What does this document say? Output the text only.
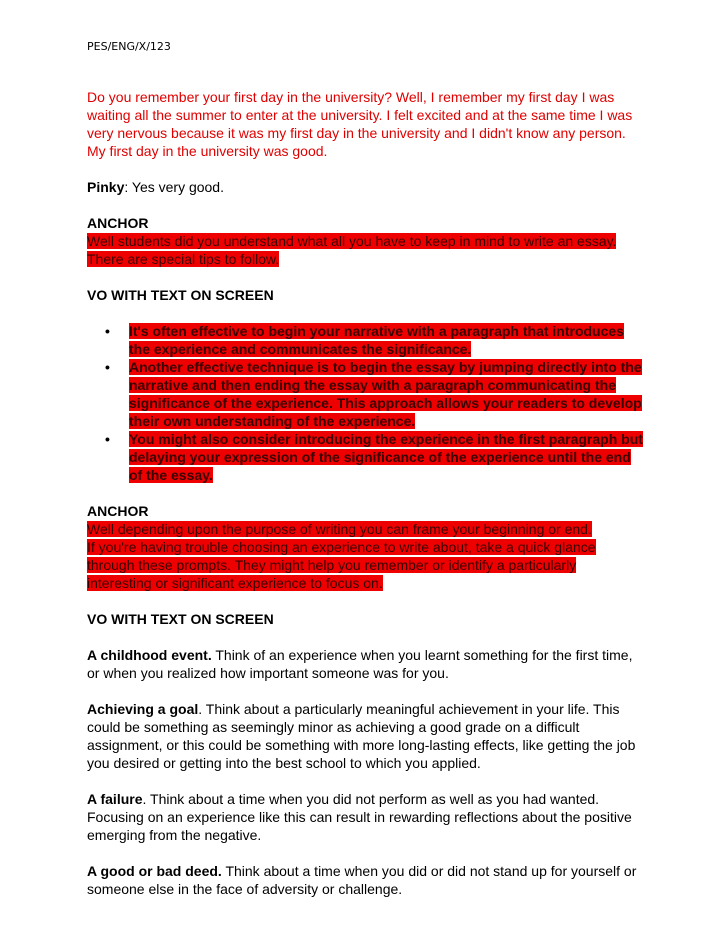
PES/ENG/X/123

Do you remember your first day in the university? Well, I remember my first day I was waiting all the summer to enter at the university. I felt excited and at the same time I was very nervous because it was my first day in the university and I didn't know any person. My first day in the university was good.

Pinky: Yes very good.

ANCHOR

Well students did you understand what all you have to keep in mind to write an essay. There are special tips to follow.

VO WITH TEXT ON SCREEN

• It's often effective to begin your narrative with a paragraph that introduces the experience and communicates the significance.
• Another effective technique is to begin the essay by jumping directly into the narrative and then ending the essay with a paragraph communicating the significance of the experience. This approach allows your readers to develop their own understanding of the experience.
• You might also consider introducing the experience in the first paragraph but delaying your expression of the significance of the experience until the end of the essay.
ANCHOR
Well depending upon the purpose of writing you can frame your beginning or end.

If you're having trouble choosing an experience to write about, take a quick glance through these prompts. They might help you remember or identify a particularly interesting or significant experience to focus on.

VO WITH TEXT ON SCREEN

A childhood event. Think of an experience when you learnt something for the first time, or when you realized how important someone was for you.

Achieving a goal. Think about a particularly meaningful achievement in your life. This could be something as seemingly minor as achieving a good grade on a difficult assignment, or this could be something with more long-lasting effects, like getting the job you desired or getting into the best school to which you applied.

A failure. Think about a time when you did not perform as well as you had wanted. Focusing on an experience like this can result in rewarding reflections about the positive emerging from the negative.

A good or bad deed. Think about a time when you did or did not stand up for yourself or someone else in the face of adversity or challenge.
